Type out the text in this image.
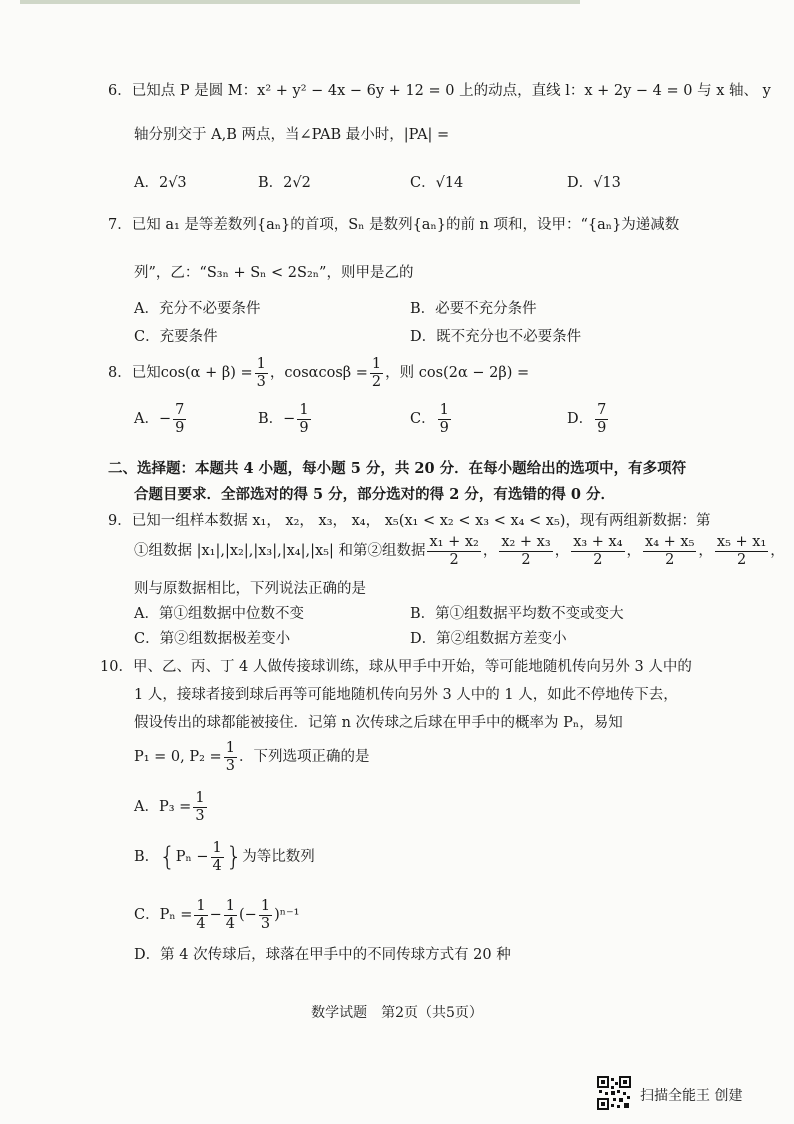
6．已知点 P 是圆 M：x² + y² − 4x − 6y + 12 = 0 上的动点，直线 l：x + 2y − 4 = 0 与 x 轴、 y
轴分别交于 A,B 两点，当∠PAB 最小时，|PA| =
A．2√3	B．2√2	C．√14	D．√13
7．已知 a₁ 是等差数列{aₙ}的首项，Sₙ 是数列{aₙ}的前 n 项和，设甲：“{aₙ}为递减数
列”，乙：“S₃ₙ + Sₙ < 2S₂ₙ”，则甲是乙的
A．充分不必要条件	B．必要不充分条件
C．充要条件	D．既不充分也不必要条件
8．已知$\cos(\alpha + \beta) = \frac{1}{3}$ ，$\cos\alpha\cos\beta = \frac{1}{2}$ ，则 cos(2α − 2β) =
A．− $\frac{7}{9}$	B．− $\frac{1}{9}$	C． $\frac{1}{9}$	D． $\frac{7}{9}$
二、选择题：本题共 4 小题，每小题 5 分，共 20 分．在每小题给出的选项中，有多项符
合题目要求．全部选对的得 5 分，部分选对的得 2 分，有选错的得 0 分．
9．已知一组样本数据 x₁， x₂， x₃， x₄， x₅(x₁ < x₂ < x₃ < x₄ < x₅)，现有两组新数据：第
①组数据 |x₁|,|x₂|,|x₃|,|x₄|,|x₅| 和第②组数据 $\frac{\text{x₁ + x₂}}{2}$ ， $\frac{\text{x₂ + x₃}}{2}$ ， $\frac{\text{x₃ + x₄}}{2}$ ， $\frac{\text{x₄ + x₅}}{2}$ ， $\frac{\text{x₅ + x₁}}{2}$ ，
则与原数据相比，下列说法正确的是
A．第①组数据中位数不变	B．第①组数据平均数不变或变大
C．第②组数据极差变小	D．第②组数据方差变小
10．甲、乙、丙、丁 4 人做传接球训练，球从甲手中开始，等可能地随机传向另外 3 人中的
1 人，接球者接到球后再等可能地随机传向另外 3 人中的 1 人，如此不停地传下去，
假设传出的球都能被接住．记第 n 次传球之后球在甲手中的概率为 Pₙ，易知
P₁ = 0, $P_2 = \frac{1}{3}$ ．下列选项正确的是
A．$P_3 = \frac{1}{3}$
B．{$P_n - \frac{1}{4}$ }为等比数列
C．$P_n = \frac{1}{4} - \frac{1}{4}$ (− $\frac{1}{3} )^{n-1}$
D．第 4 次传球后，球落在甲手中的不同传球方式有 20 种
数学试题　第2页（共5页）
扫描全能王 创建
